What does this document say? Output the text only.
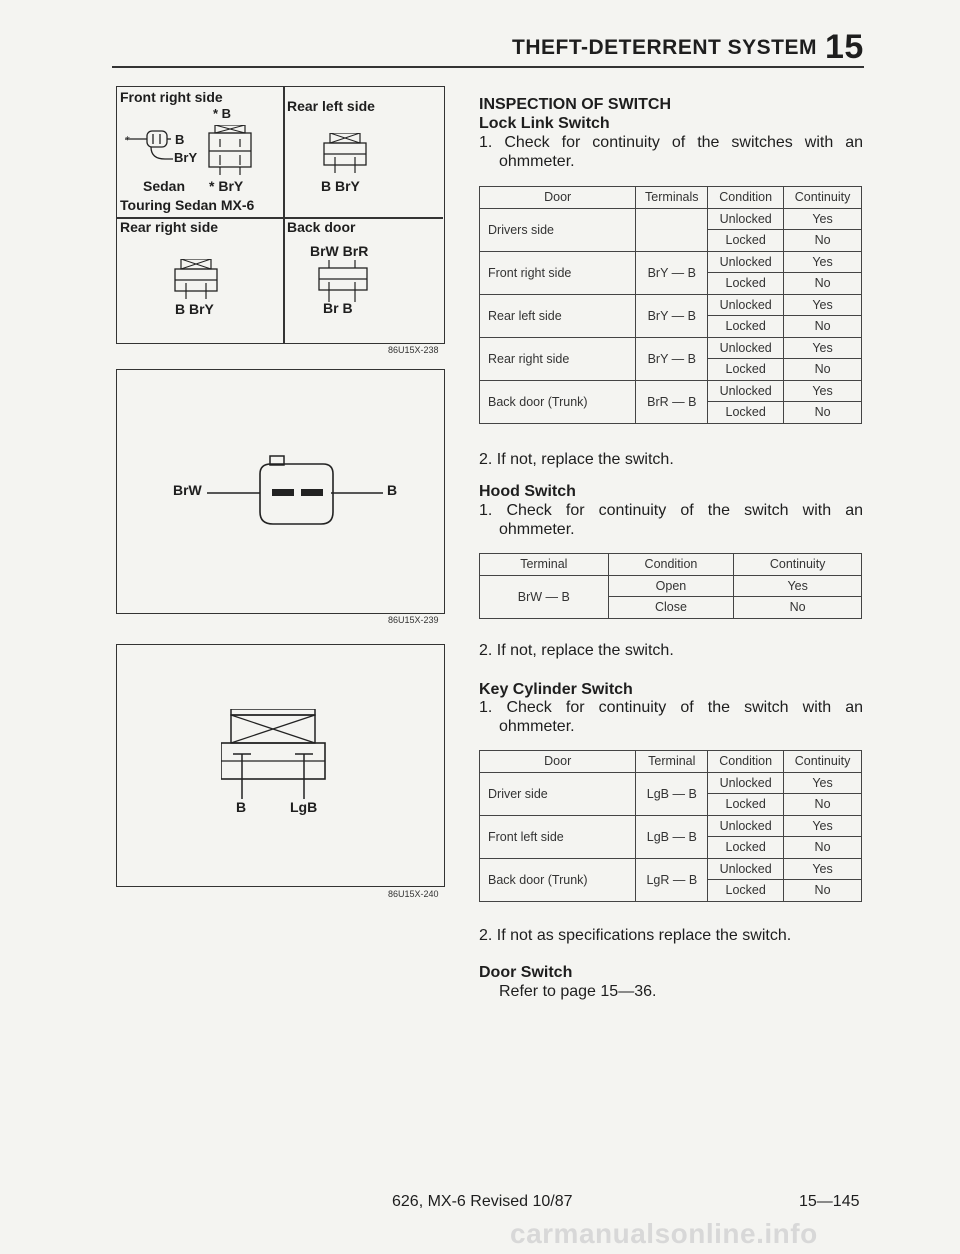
THEFT-DETERRENT SYSTEM 15
Front right side
* B
*	B
BrY
Sedan * BrY
Touring Sedan MX-6
Rear left side
B BrY
Rear right side
B BrY
Back door
BrW BrR
Br B
86U15X-238
BrW	B
86U15X-239
B	LgB
86U15X-240
INSPECTION OF SWITCH
Lock Link Switch
1. Check for continuity of the switches with an ohmmeter.
Door	Terminals	Condition	Continuity
Drivers side		Unlocked	Yes
		Locked	No
Front right side	BrY — B	Unlocked	Yes
		Locked	No
Rear left side	BrY — B	Unlocked	Yes
		Locked	No
Rear right side	BrY — B	Unlocked	Yes
		Locked	No
Back door (Trunk)	BrR — B	Unlocked	Yes
		Locked	No
2. If not, replace the switch.
Hood Switch
1. Check for continuity of the switch with an ohmmeter.
Terminal	Condition	Continuity
BrW — B	Open	Yes
	Close	No
2. If not, replace the switch.
Key Cylinder Switch
1. Check for continuity of the switch with an ohmmeter.
Door	Terminal	Condition	Continuity
Driver side	LgB — B	Unlocked	Yes
		Locked	No
Front left side	LgB — B	Unlocked	Yes
		Locked	No
Back door (Trunk)	LgR — B	Unlocked	Yes
		Locked	No
2. If not as specifications replace the switch.
Door Switch
Refer to page 15—36.
626, MX-6 Revised 10/87	15—145
carmanualsonline.info
